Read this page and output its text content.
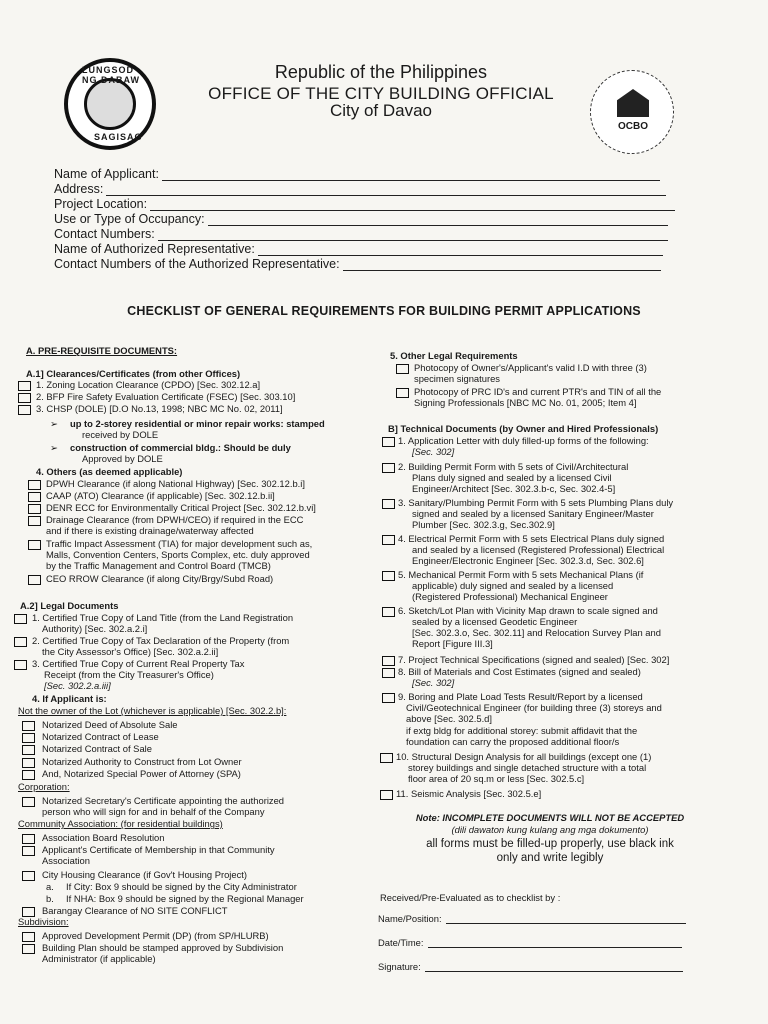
LUNGSOD NG DABAW
SAGISAG
OCBO
Republic of the Philippines
OFFICE OF THE CITY BUILDING OFFICIAL
City of Davao
Name of Applicant:
Address:
Project Location:
Use or Type of Occupancy:
Contact Numbers:
Name of Authorized Representative:
Contact Numbers of the Authorized Representative:
CHECKLIST OF GENERAL REQUIREMENTS FOR BUILDING PERMIT APPLICATIONS
A. PRE-REQUISITE DOCUMENTS:
A.1] Clearances/Certificates (from other Offices)
1. Zoning Location Clearance (CPDO) [Sec. 302.12.a]
2. BFP Fire Safety Evaluation Certificate (FSEC) [Sec. 303.10]
3. CHSP (DOLE) [D.O No.13, 1998; NBC MC No. 02, 2011]
➢ up to 2-storey residential or minor repair works: stamped
received by DOLE
➢ construction of commercial bldg.: Should be duly
Approved by DOLE
4. Others (as deemed applicable)
DPWH Clearance (if along National Highway) [Sec. 302.12.b.i]
CAAP (ATO) Clearance (if applicable) [Sec. 302.12.b.ii]
DENR ECC for Environmentally Critical Project [Sec. 302.12.b.vi]
Drainage Clearance (from DPWH/CEO) if required in the ECC
and if there is existing drainage/waterway affected
Traffic Impact Assessment (TIA) for major development such as,
Malls, Convention Centers, Sports Complex, etc. duly approved
by the Traffic Management and Control Board (TMCB)
CEO RROW Clearance (if along City/Brgy/Subd Road)
A.2] Legal Documents
1. Certified True Copy of Land Title (from the Land Registration
Authority) [Sec. 302.a.2.i]
2. Certified True Copy of Tax Declaration of the Property (from
the City Assessor's Office) [Sec. 302.a.2.ii]
3. Certified True Copy of Current Real Property Tax
Receipt (from the City Treasurer's Office)
[Sec. 302.2.a.iii]
4. If Applicant is:
Not the owner of the Lot (whichever is applicable) [Sec. 302.2.b]:
Notarized Deed of Absolute Sale
Notarized Contract of Lease
Notarized Contract of Sale
Notarized Authority to Construct from Lot Owner
And, Notarized Special Power of Attorney (SPA)
Corporation:
Notarized Secretary's Certificate appointing the authorized
person who will sign for and in behalf of the Company
Community Association: (for residential buildings)
Association Board Resolution
Applicant's Certificate of Membership in that Community
Association
City Housing Clearance (if Gov't Housing Project)
a. If City: Box 9 should be signed by the City Administrator
b. If NHA: Box 9 should be signed by the Regional Manager
Barangay Clearance of NO SITE CONFLICT
Subdivision:
Approved Development Permit (DP) (from SP/HLURB)
Building Plan should be stamped approved by Subdivision
Administrator (if applicable)
5. Other Legal Requirements
Photocopy of Owner's/Applicant's valid I.D with three (3)
specimen signatures
Photocopy of PRC ID's and current PTR's and TIN of all the
Signing Professionals [NBC MC No. 01, 2005; Item 4]
B] Technical Documents (by Owner and Hired Professionals)
1. Application Letter with duly filled-up forms of the following:
[Sec. 302]
2. Building Permit Form with 5 sets of Civil/Architectural
Plans duly signed and sealed by a licensed Civil
Engineer/Architect [Sec. 302.3.b-c, Sec. 302.4-5]
3. Sanitary/Plumbing Permit Form with 5 sets Plumbing Plans duly
signed and sealed by a licensed Sanitary Engineer/Master
Plumber [Sec. 302.3.g, Sec.302.9]
4. Electrical Permit Form with 5 sets Electrical Plans duly signed
and sealed by a licensed (Registered Professional) Electrical
Engineer/Electronic Engineer [Sec. 302.3.d, Sec. 302.6]
5. Mechanical Permit Form with 5 sets Mechanical Plans (if
applicable) duly signed and sealed by a licensed
(Registered Professional) Mechanical Engineer
6. Sketch/Lot Plan with Vicinity Map drawn to scale signed and
sealed by a licensed Geodetic Engineer
[Sec. 302.3.o, Sec. 302.11] and Relocation Survey Plan and
Report [Figure III.3]
7. Project Technical Specifications (signed and sealed) [Sec. 302]
8. Bill of Materials and Cost Estimates (signed and sealed)
[Sec. 302]
9. Boring and Plate Load Tests Result/Report by a licensed
Civil/Geotechnical Engineer (for building three (3) storeys and
above [Sec. 302.5.d]
if extg bldg for additional storey: submit affidavit that the
foundation can carry the proposed additional floor/s
10. Structural Design Analysis for all buildings (except one (1)
storey buildings and single detached structure with a total
floor area of 20 sq.m or less [Sec. 302.5.c]
11. Seismic Analysis [Sec. 302.5.e]
Note: INCOMPLETE DOCUMENTS WILL NOT BE ACCEPTED
(dili dawaton kung kulang ang mga dokumento)
all forms must be filled-up properly, use black ink
only and write legibly
Received/Pre-Evaluated as to checklist by :
Name/Position:
Date/Time:
Signature:
